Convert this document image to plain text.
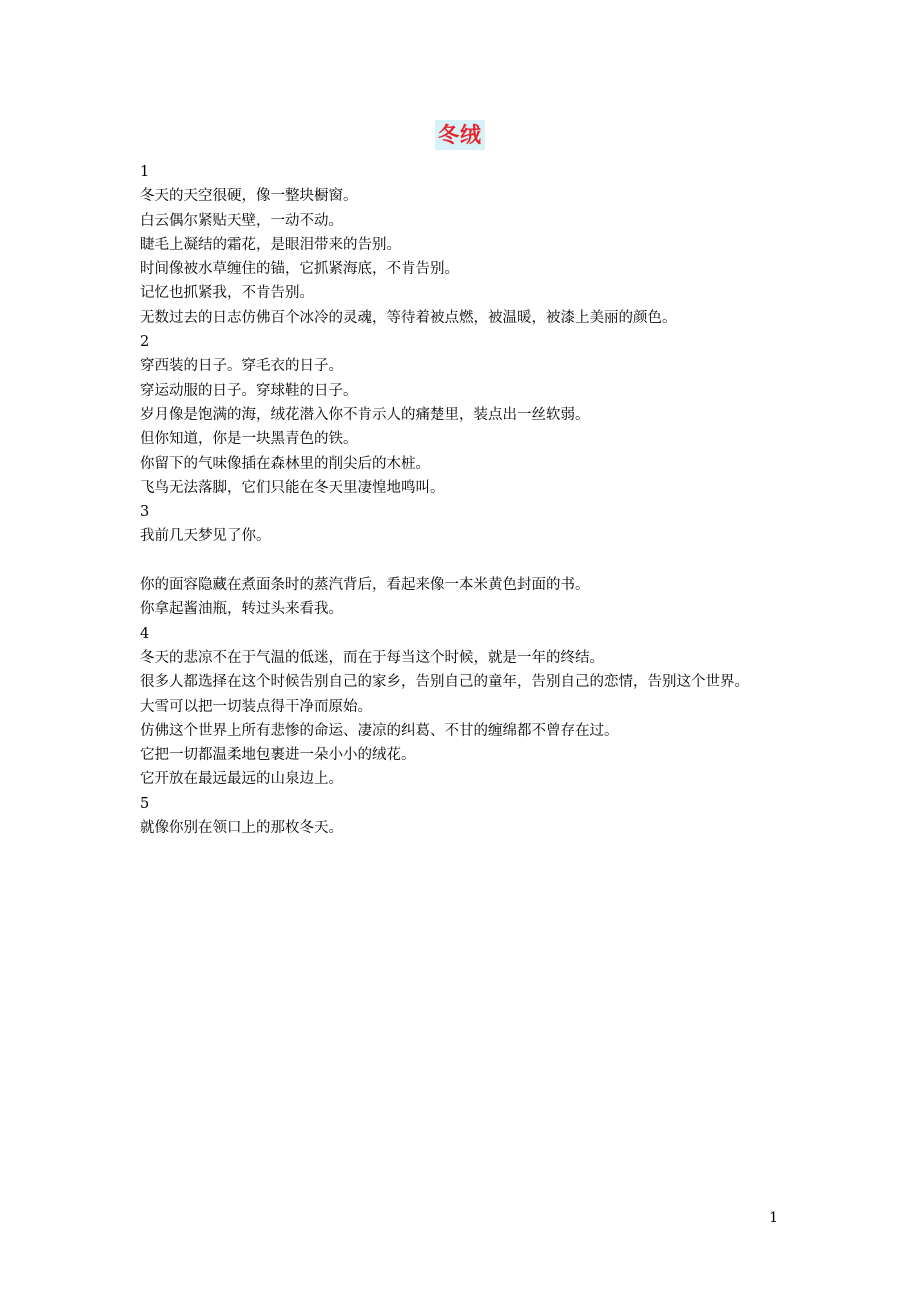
冬绒
1
冬天的天空很硬，像一整块橱窗。
白云偶尔紧贴天壁，一动不动。
睫毛上凝结的霜花，是眼泪带来的告别。
时间像被水草缠住的锚，它抓紧海底，不肯告别。
记忆也抓紧我，不肯告别。
无数过去的日志仿佛百个冰冷的灵魂，等待着被点燃，被温暖，被漆上美丽的颜色。
2
穿西装的日子。穿毛衣的日子。
穿运动服的日子。穿球鞋的日子。
岁月像是饱满的海，绒花潜入你不肯示人的痛楚里，装点出一丝软弱。
但你知道，你是一块黑青色的铁。
你留下的气味像插在森林里的削尖后的木桩。
飞鸟无法落脚，它们只能在冬天里凄惶地鸣叫。
3
我前几天梦见了你。
你的面容隐藏在煮面条时的蒸汽背后，看起来像一本米黄色封面的书。
你拿起酱油瓶，转过头来看我。
4
冬天的悲凉不在于气温的低迷，而在于每当这个时候，就是一年的终结。
很多人都选择在这个时候告别自己的家乡，告别自己的童年，告别自己的恋情，告别这个世界。
大雪可以把一切装点得干净而原始。
仿佛这个世界上所有悲惨的命运、凄凉的纠葛、不甘的缠绵都不曾存在过。
它把一切都温柔地包裹进一朵小小的绒花。
它开放在最远最远的山泉边上。
5
就像你别在领口上的那枚冬天。
1
